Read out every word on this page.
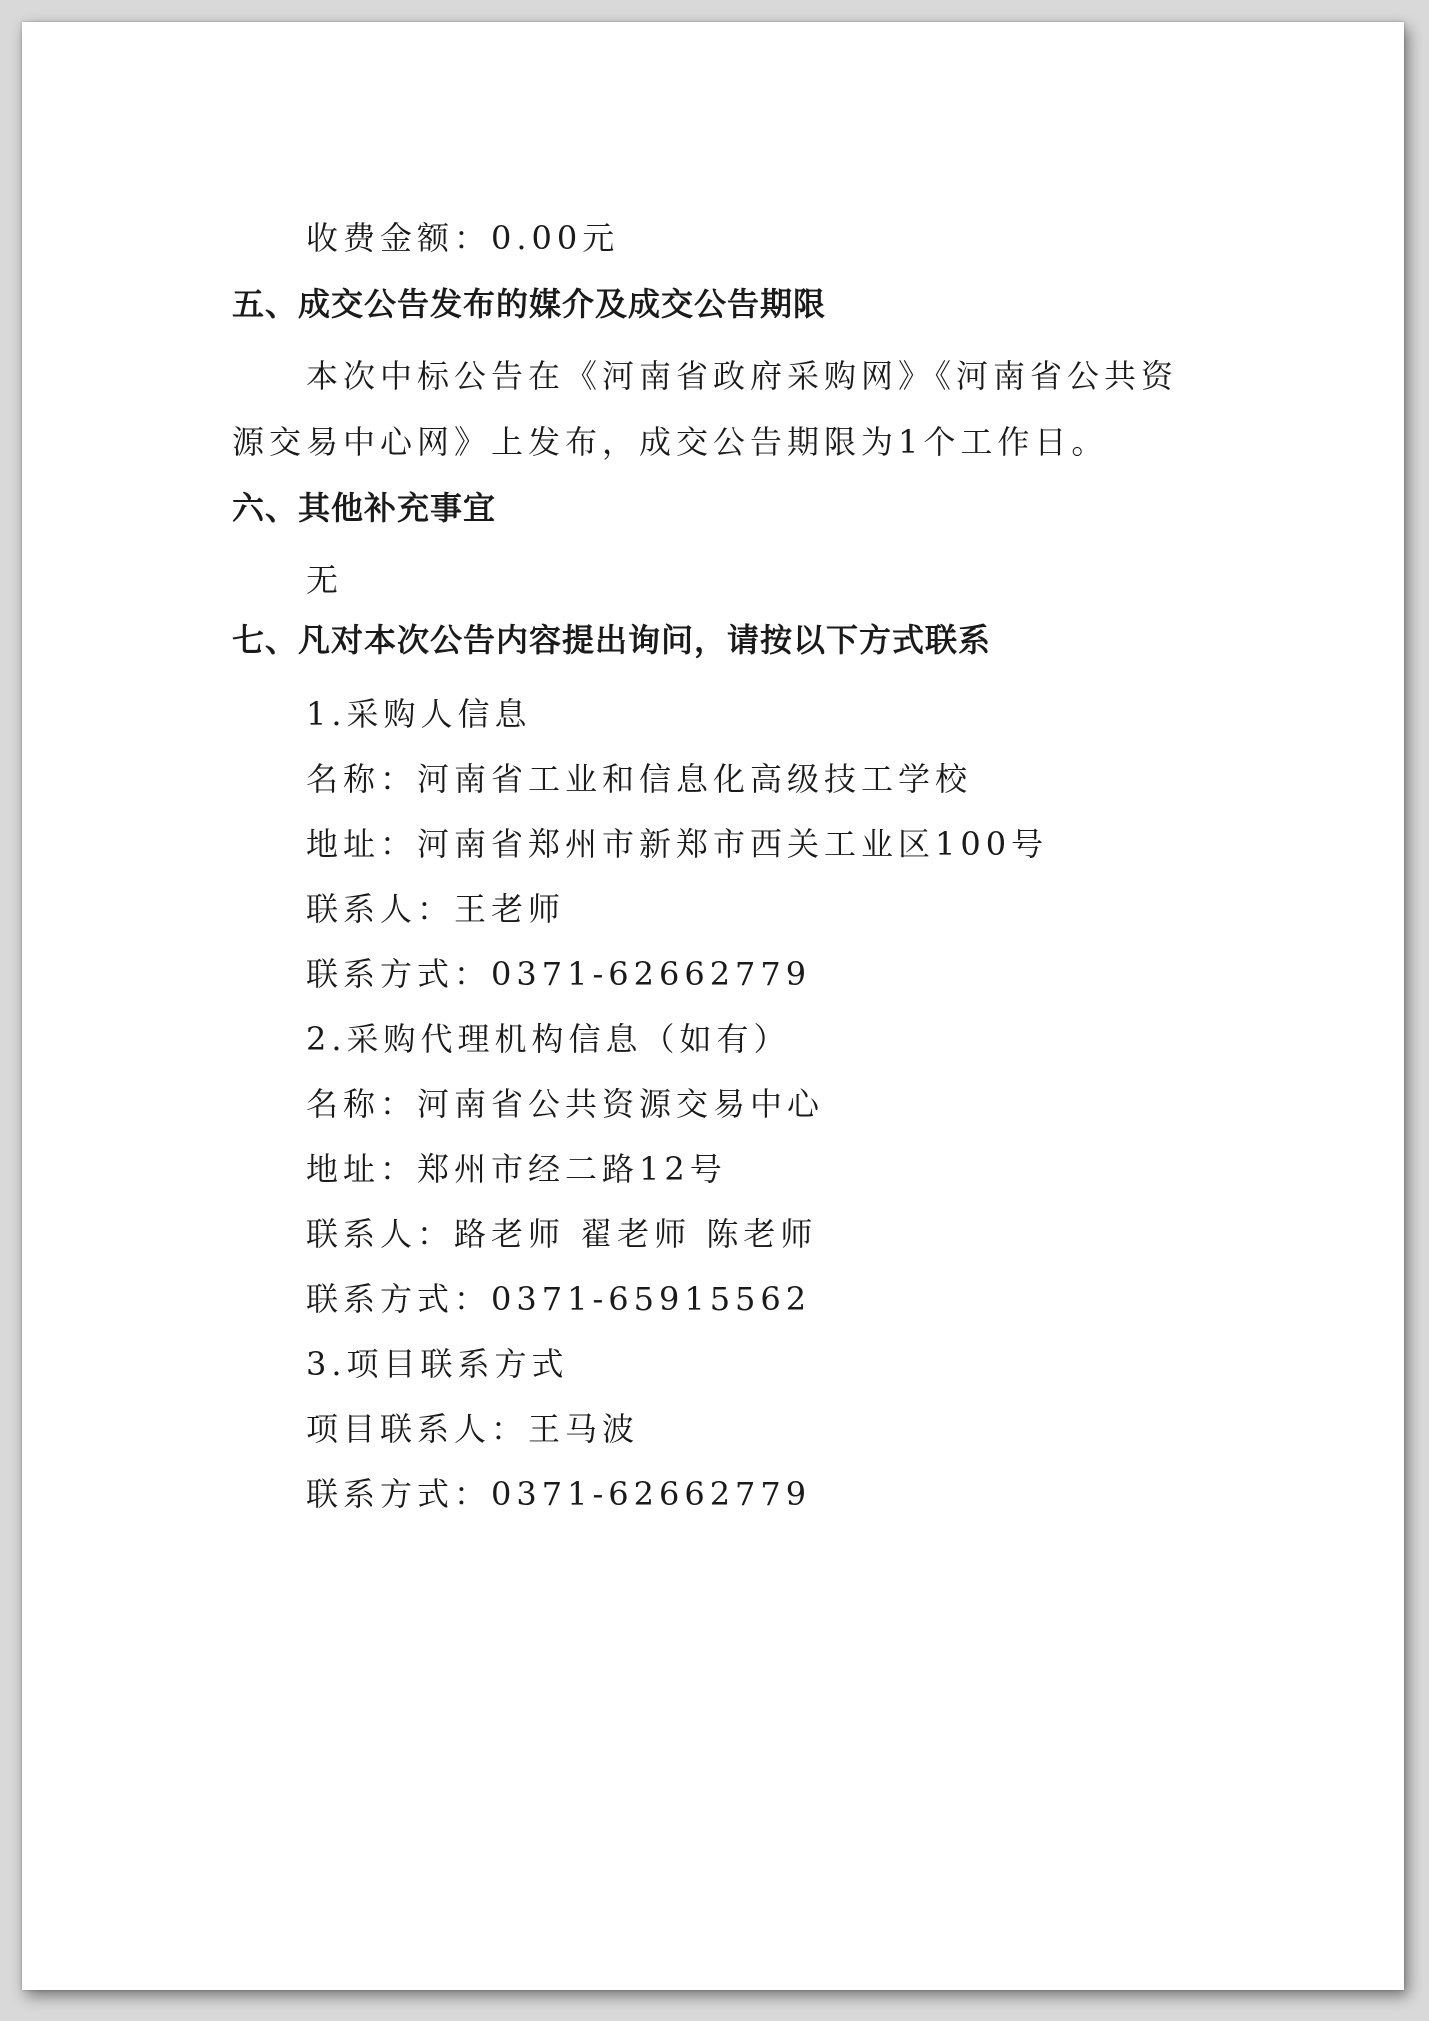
收费金额：0.00元
五、成交公告发布的媒介及成交公告期限
本次中标公告在《河南省政府采购网》《河南省公共资
源交易中心网》上发布，成交公告期限为1个工作日。
六、其他补充事宜
无
七、凡对本次公告内容提出询问，请按以下方式联系
1.采购人信息
名称：河南省工业和信息化高级技工学校
地址：河南省郑州市新郑市西关工业区100号
联系人：王老师
联系方式：0371-62662779
2.采购代理机构信息（如有）
名称：河南省公共资源交易中心
地址：郑州市经二路12号
联系人：路老师 翟老师 陈老师
联系方式：0371-65915562
3.项目联系方式
项目联系人：王马波
联系方式：0371-62662779
